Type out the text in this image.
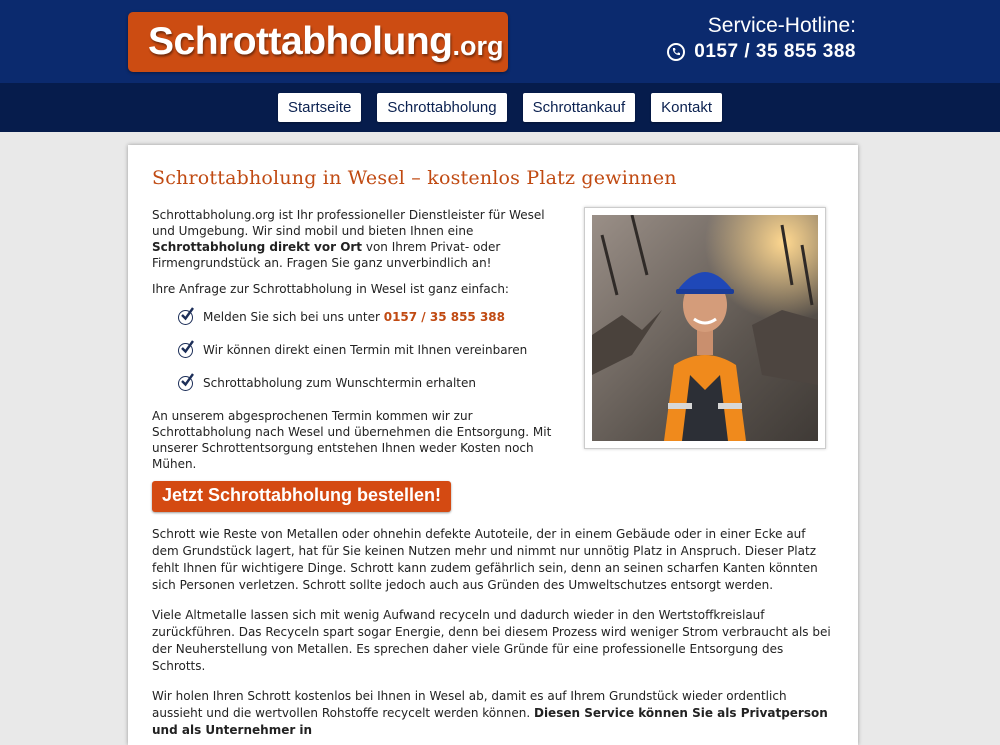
Schrottabholung .org
Service-Hotline:
0157 / 35 855 388
Startseite	Schrottabholung	Schrottankauf	Kontakt
Schrottabholung in Wesel – kostenlos Platz gewinnen

Schrottabholung.org ist Ihr professioneller Dienstleister für Wesel und Umgebung. Wir sind mobil und bieten Ihnen eine Schrottabholung direkt vor Ort von Ihrem Privat- oder Firmengrundstück an. Fragen Sie ganz unverbindlich an!

Ihre Anfrage zur Schrottabholung in Wesel ist ganz einfach:

Melden Sie sich bei uns unter 0157 / 35 855 388
Wir können direkt einen Termin mit Ihnen vereinbaren
Schrottabholung zum Wunschtermin erhalten

An unserem abgesprochenen Termin kommen wir zur Schrottabholung nach Wesel und übernehmen die Entsorgung. Mit unserer Schrottentsorgung entstehen Ihnen weder Kosten noch Mühen.

Jetzt Schrottabholung bestellen!

Schrott wie Reste von Metallen oder ohnehin defekte Autoteile, der in einem Gebäude oder in einer Ecke auf dem Grundstück lagert, hat für Sie keinen Nutzen mehr und nimmt nur unnötig Platz in Anspruch. Dieser Platz fehlt Ihnen für wichtigere Dinge. Schrott kann zudem gefährlich sein, denn an seinen scharfen Kanten könnten sich Personen verletzen. Schrott sollte jedoch auch aus Gründen des Umweltschutzes entsorgt werden.

Viele Altmetalle lassen sich mit wenig Aufwand recyceln und dadurch wieder in den Wertstoffkreislauf zurückführen. Das Recyceln spart sogar Energie, denn bei diesem Prozess wird weniger Strom verbraucht als bei der Neuherstellung von Metallen. Es sprechen daher viele Gründe für eine professionelle Entsorgung des Schrotts.

Wir holen Ihren Schrott kostenlos bei Ihnen in Wesel ab, damit es auf Ihrem Grundstück wieder ordentlich aussieht und die wertvollen Rohstoffe recycelt werden können. Diesen Service können Sie als Privatperson und als Unternehmer in
